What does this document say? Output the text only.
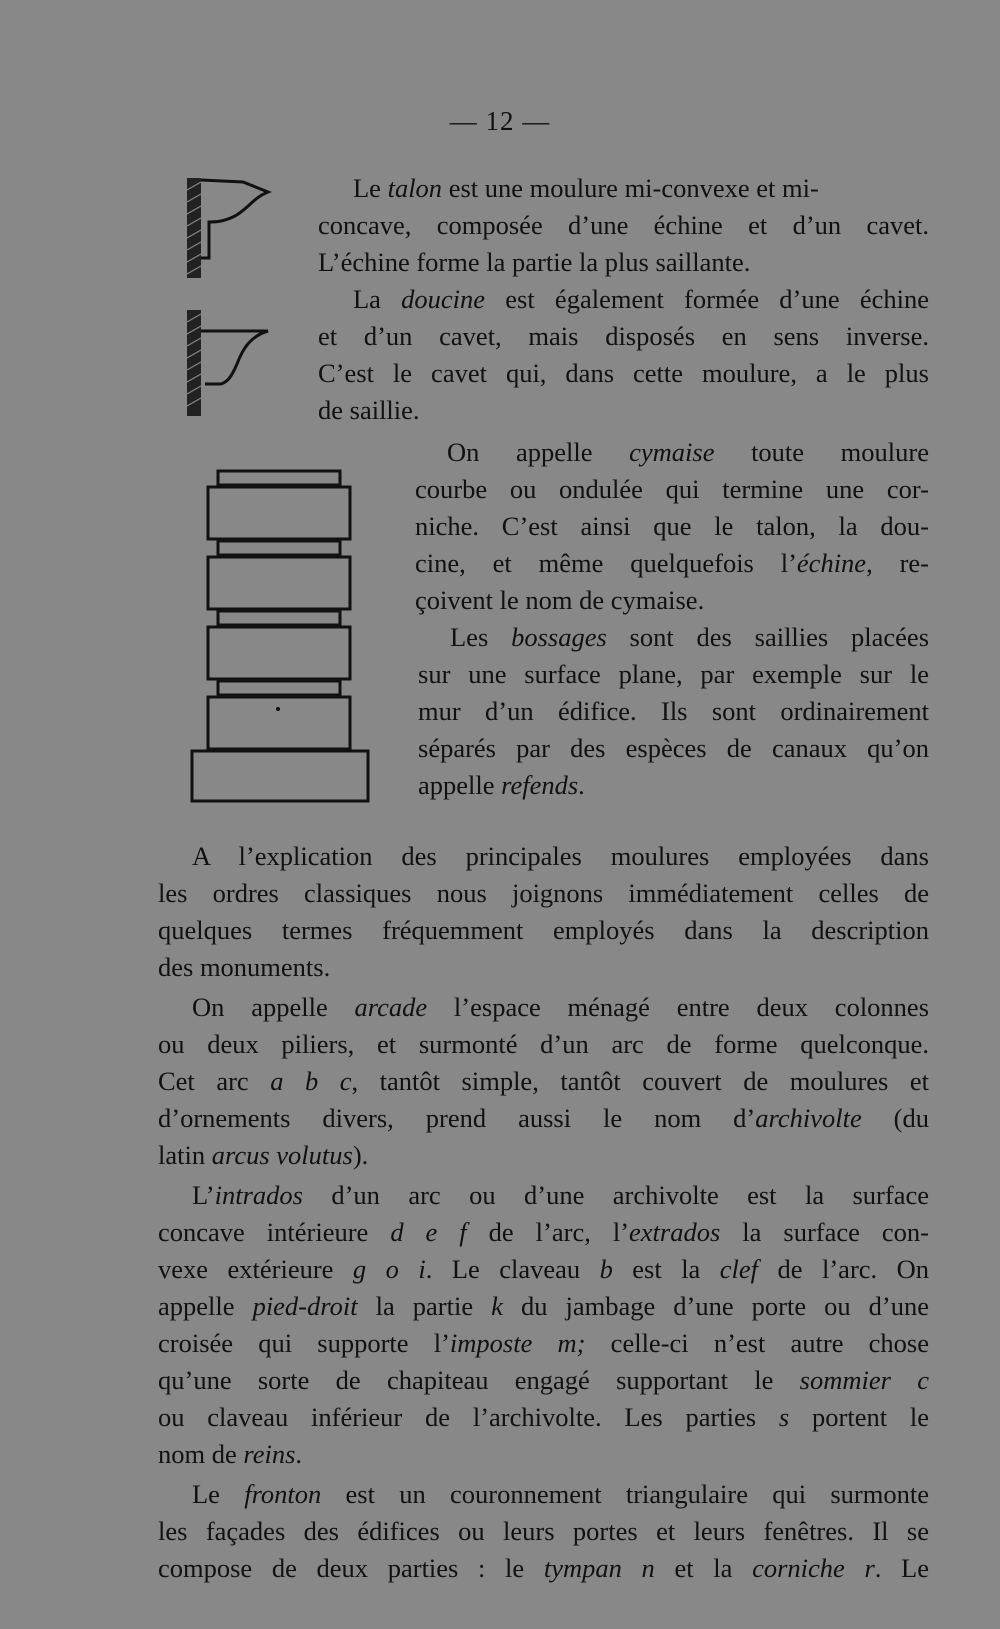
— 12 —
Le talon est une moulure mi-convexe et mi-
concave, composée d’une échine et d’un cavet.
L’échine forme la partie la plus saillante.
La doucine est également formée d’une échine
et d’un cavet, mais disposés en sens inverse.
C’est le cavet qui, dans cette moulure, a le plus
de saillie.
On appelle cymaise toute moulure
courbe ou ondulée qui termine une cor-
niche. C’est ainsi que le talon, la dou-
cine, et même quelquefois l’échine, re-
çoivent le nom de cymaise.
Les bossages sont des saillies placées
sur une surface plane, par exemple sur le
mur d’un édifice. Ils sont ordinairement
séparés par des espèces de canaux qu’on
appelle refends.
A l’explication des principales moulures employées dans
les ordres classiques nous joignons immédiatement celles de
quelques termes fréquemment employés dans la description
des monuments.
On appelle arcade l’espace ménagé entre deux colonnes
ou deux piliers, et surmonté d’un arc de forme quelconque.
Cet arc a b c, tantôt simple, tantôt couvert de moulures et
d’ornements divers, prend aussi le nom d’archivolte (du
latin arcus volutus).
L’intrados d’un arc ou d’une archivolte est la surface
concave intérieure d e f de l’arc, l’extrados la surface con-
vexe extérieure g o i. Le claveau b est la clef de l’arc. On
appelle pied-droit la partie k du jambage d’une porte ou d’une
croisée qui supporte l’imposte m; celle-ci n’est autre chose
qu’une sorte de chapiteau engagé supportant le sommier c
ou claveau inférieur de l’archivolte. Les parties s portent le
nom de reins.
Le fronton est un couronnement triangulaire qui surmonte
les façades des édifices ou leurs portes et leurs fenêtres. Il se
compose de deux parties : le tympan n et la corniche r. Le
